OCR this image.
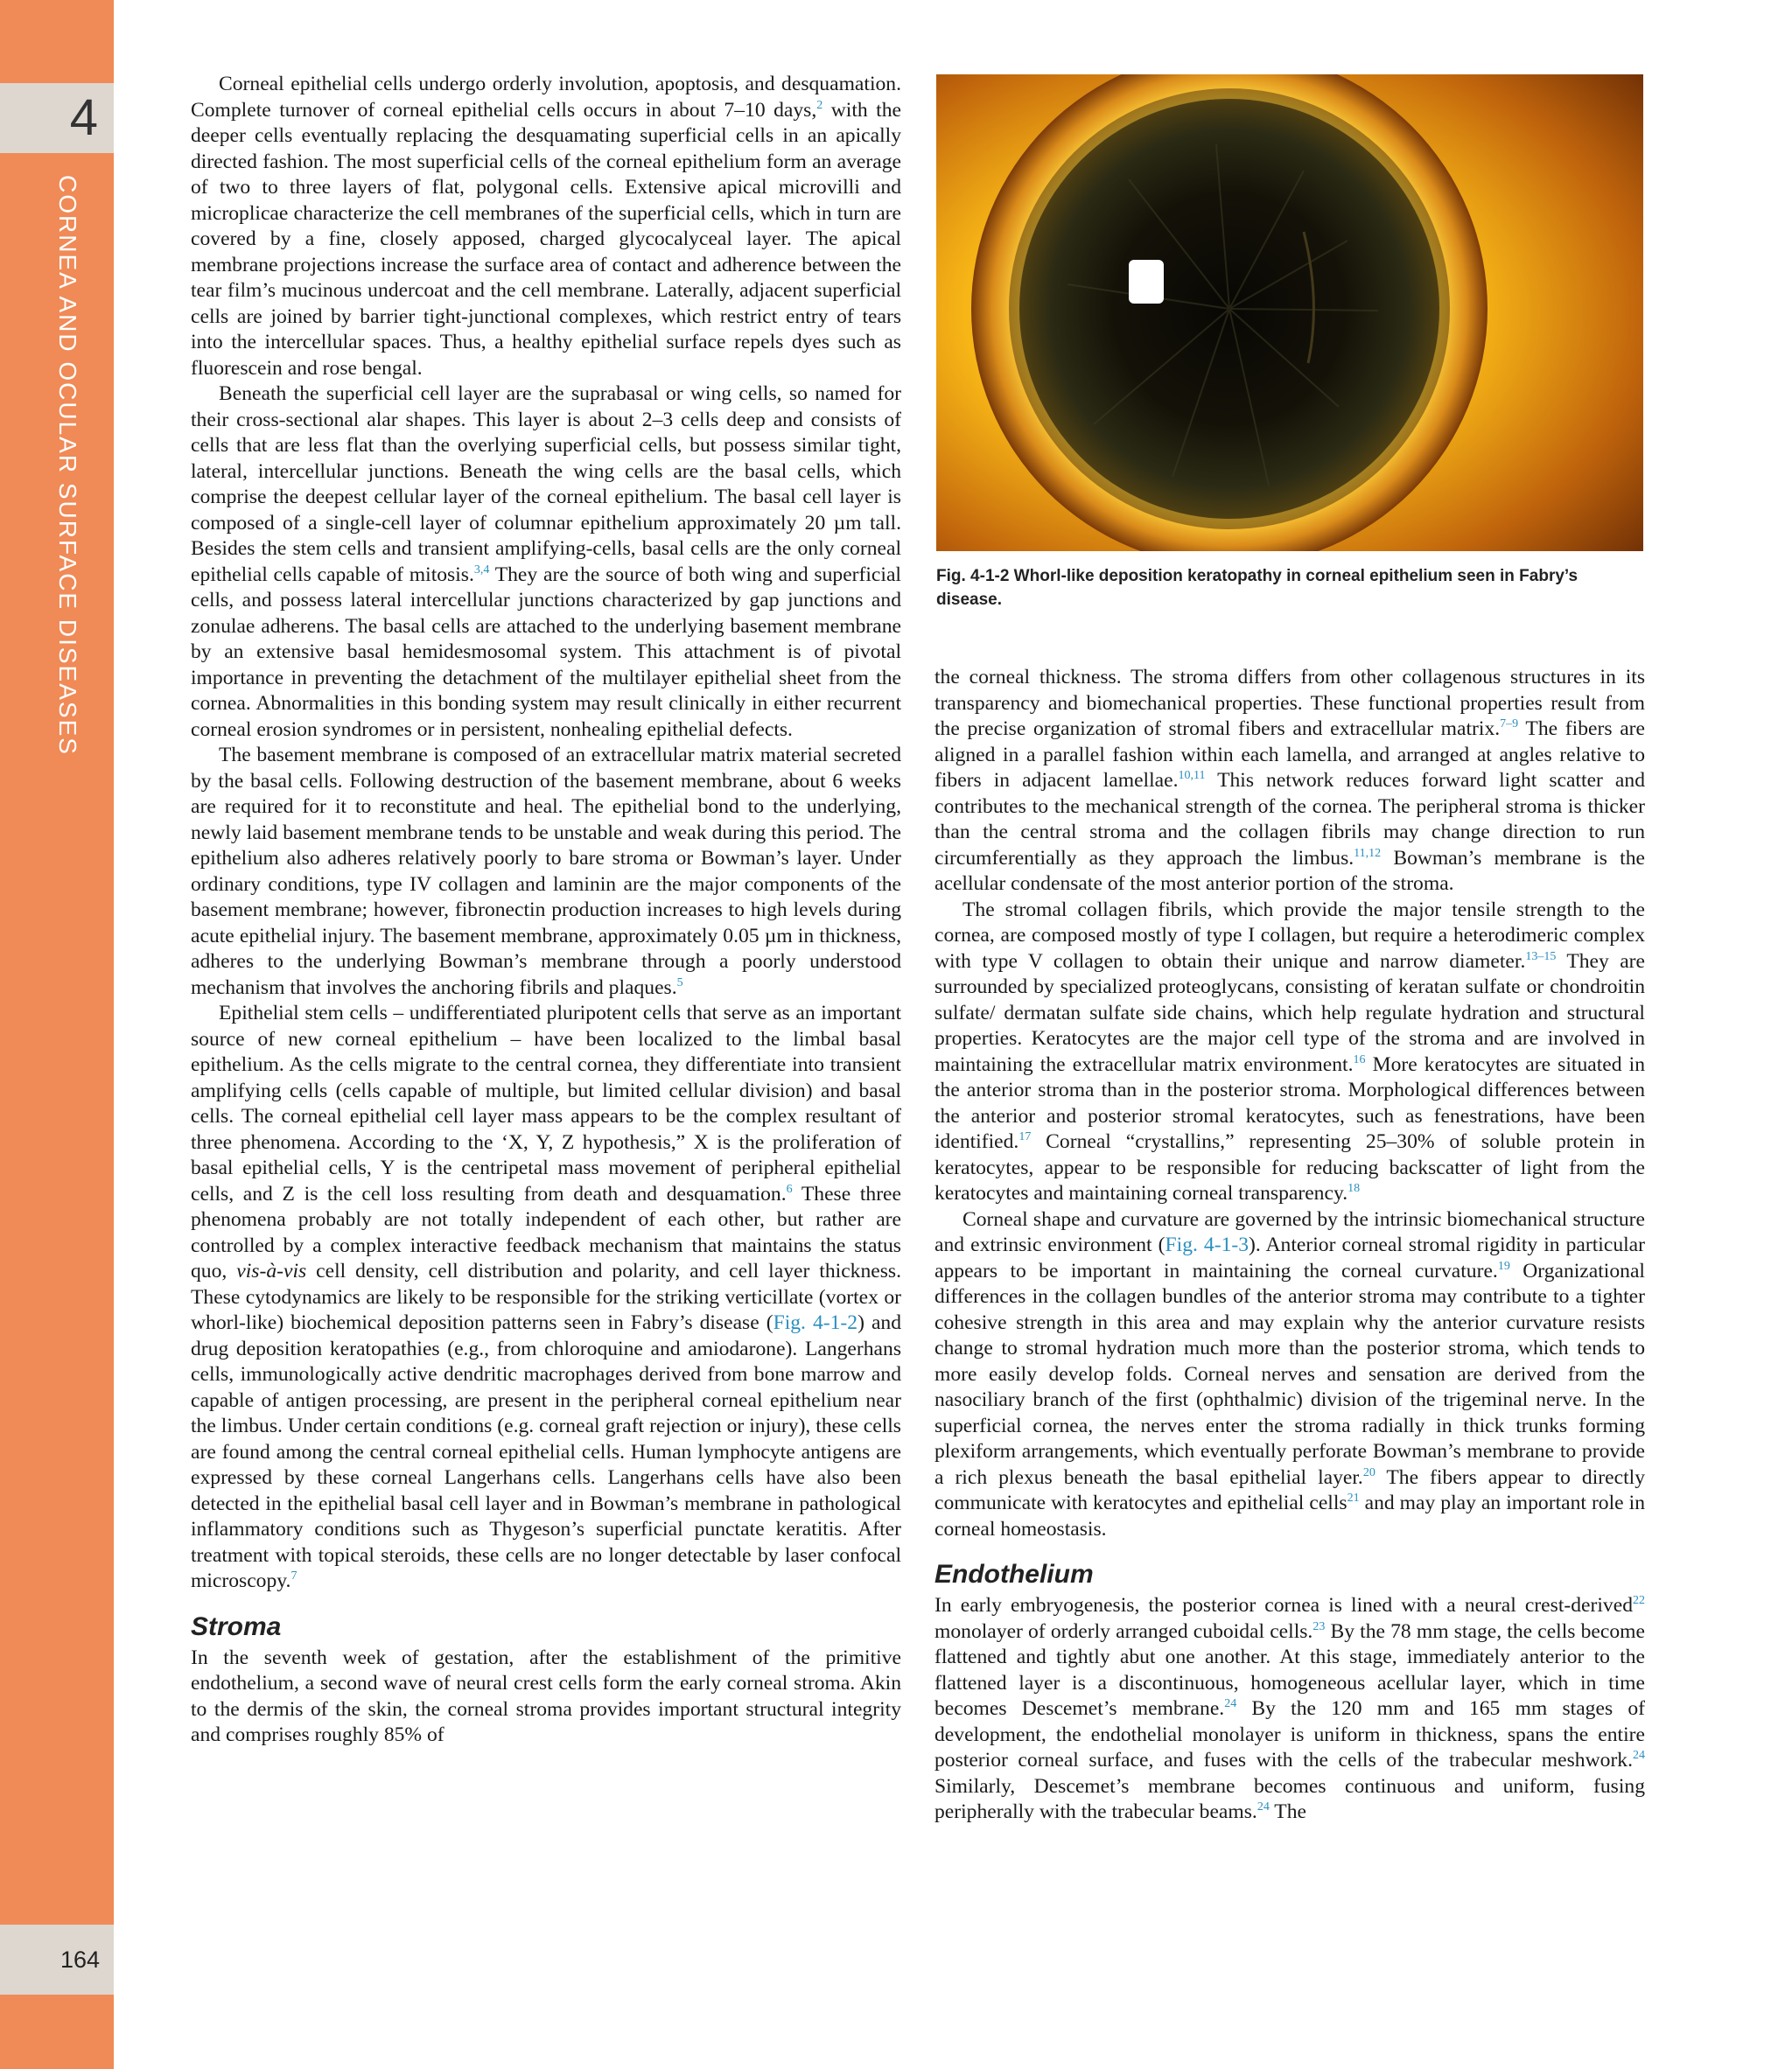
4
CORNEA AND OCULAR SURFACE DISEASES
164
Fig. 4-1-2 Whorl-like deposition keratopathy in corneal epithelium seen in Fabry’s disease.

Corneal epithelial cells undergo orderly involution, apoptosis, and desquamation. Complete turnover of corneal epithelial cells occurs in about 7–10 days,$^2$ with the deeper cells eventually replacing the desquamating superficial cells in an apically directed fashion. The most superficial cells of the corneal epithelium form an average of two to three layers of flat, polygonal cells. Extensive apical microvilli and microplicae characterize the cell membranes of the superficial cells, which in turn are covered by a fine, closely apposed, charged glycocalyceal layer. The apical membrane projections increase the surface area of contact and adherence between the tear film’s mucinous undercoat and the cell membrane. Laterally, adjacent superficial cells are joined by barrier tight-junctional complexes, which restrict entry of tears into the intercellular spaces. Thus, a healthy epithelial surface repels dyes such as fluorescein and rose bengal.

Beneath the superficial cell layer are the suprabasal or wing cells, so named for their cross-sectional alar shapes. This layer is about 2–3 cells deep and consists of cells that are less flat than the overlying superficial cells, but possess similar tight, lateral, intercellular junctions. Beneath the wing cells are the basal cells, which comprise the deepest cellular layer of the corneal epithelium. The basal cell layer is composed of a single-cell layer of columnar epithelium approximately 20 µm tall. Besides the stem cells and transient amplifying-cells, basal cells are the only corneal epithelial cells capable of mitosis.$^{3,4}$ They are the source of both wing and superficial cells, and possess lateral intercellular junctions characterized by gap junctions and zonulae adherens. The basal cells are attached to the underlying basement membrane by an extensive basal hemidesmosomal system. This attachment is of pivotal importance in preventing the detachment of the multilayer epithelial sheet from the cornea. Abnormalities in this bonding system may result clinically in either recurrent corneal erosion syndromes or in persistent, nonhealing epithelial defects.

The basement membrane is composed of an extracellular matrix material secreted by the basal cells. Following destruction of the basement membrane, about 6 weeks are required for it to reconstitute and heal. The epithelial bond to the underlying, newly laid basement membrane tends to be unstable and weak during this period. The epithelium also adheres relatively poorly to bare stroma or Bowman’s layer. Under ordinary conditions, type IV collagen and laminin are the major components of the basement membrane; however, fibronectin production increases to high levels during acute epithelial injury. The basement membrane, approximately 0.05 µm in thickness, adheres to the underlying Bowman’s membrane through a poorly understood mechanism that involves the anchoring fibrils and plaques.$^5$

Epithelial stem cells – undifferentiated pluripotent cells that serve as an important source of new corneal epithelium – have been localized to the limbal basal epithelium. As the cells migrate to the central cornea, they differentiate into transient amplifying cells (cells capable of multiple, but limited cellular division) and basal cells. The corneal epithelial cell layer mass appears to be the complex resultant of three phenomena. According to the ‘X, Y, Z hypothesis,” X is the proliferation of basal epithelial cells, Y is the centripetal mass movement of peripheral epithelial cells, and Z is the cell loss resulting from death and desquamation.$^6$ These three phenomena probably are not totally independent of each other, but rather are controlled by a complex interactive feedback mechanism that maintains the status quo, vis-à-vis cell density, cell distribution and polarity, and cell layer thickness. These cytodynamics are likely to be responsible for the striking verticillate (vortex or whorl-like) biochemical deposition patterns seen in Fabry’s disease (Fig. 4-1-2) and drug deposition keratopathies (e.g., from chloroquine and amiodarone). Langerhans cells, immunologically active dendritic macrophages derived from bone marrow and capable of antigen processing, are present in the peripheral corneal epithelium near the limbus. Under certain conditions (e.g. corneal graft rejection or injury), these cells are found among the central corneal epithelial cells. Human lymphocyte antigens are expressed by these corneal Langerhans cells. Langerhans cells have also been detected in the epithelial basal cell layer and in Bowman’s membrane in pathological inflammatory conditions such as Thygeson’s superficial punctate keratitis. After treatment with topical steroids, these cells are no longer detectable by laser confocal microscopy.$^7$

Stroma

In the seventh week of gestation, after the establishment of the primitive endothelium, a second wave of neural crest cells form the early corneal stroma. Akin to the dermis of the skin, the corneal stroma provides important structural integrity and comprises roughly 85% of

the corneal thickness. The stroma differs from other collagenous structures in its transparency and biomechanical properties. These functional properties result from the precise organization of stromal fibers and extracellular matrix.$^{7-9}$ The fibers are aligned in a parallel fashion within each lamella, and arranged at angles relative to fibers in adjacent lamellae.$^{10,11}$ This network reduces forward light scatter and contributes to the mechanical strength of the cornea. The peripheral stroma is thicker than the central stroma and the collagen fibrils may change direction to run circumferentially as they approach the limbus.$^{11,12}$ Bowman’s membrane is the acellular condensate of the most anterior portion of the stroma.

The stromal collagen fibrils, which provide the major tensile strength to the cornea, are composed mostly of type I collagen, but require a heterodimeric complex with type V collagen to obtain their unique and narrow diameter.$^{13-15}$ They are surrounded by specialized proteoglycans, consisting of keratan sulfate or chondroitin sulfate/ dermatan sulfate side chains, which help regulate hydration and structural properties. Keratocytes are the major cell type of the stroma and are involved in maintaining the extracellular matrix environment.$^{16}$ More keratocytes are situated in the anterior stroma than in the posterior stroma. Morphological differences between the anterior and posterior stromal keratocytes, such as fenestrations, have been identified.$^{17}$ Corneal “crystallins,” representing 25–30% of soluble protein in keratocytes, appear to be responsible for reducing backscatter of light from the keratocytes and maintaining corneal transparency.$^{18}$

Corneal shape and curvature are governed by the intrinsic biomechanical structure and extrinsic environment (Fig. 4-1-3). Anterior corneal stromal rigidity in particular appears to be important in maintaining the corneal curvature.$^{19}$ Organizational differences in the collagen bundles of the anterior stroma may contribute to a tighter cohesive strength in this area and may explain why the anterior curvature resists change to stromal hydration much more than the posterior stroma, which tends to more easily develop folds. Corneal nerves and sensation are derived from the nasociliary branch of the first (ophthalmic) division of the trigeminal nerve. In the superficial cornea, the nerves enter the stroma radially in thick trunks forming plexiform arrangements, which eventually perforate Bowman’s membrane to provide a rich plexus beneath the basal epithelial layer.$^{20}$ The fibers appear to directly communicate with keratocytes and epithelial cells$^{21}$ and may play an important role in corneal homeostasis.

Endothelium

In early embryogenesis, the posterior cornea is lined with a neural crest-derived$^{22}$ monolayer of orderly arranged cuboidal cells.$^{23}$ By the 78 mm stage, the cells become flattened and tightly abut one another. At this stage, immediately anterior to the flattened layer is a discontinuous, homogeneous acellular layer, which in time becomes Descemet’s membrane.$^{24}$ By the 120 mm and 165 mm stages of development, the endothelial monolayer is uniform in thickness, spans the entire posterior corneal surface, and fuses with the cells of the trabecular meshwork.$^{24}$ Similarly, Descemet’s membrane becomes continuous and uniform, fusing peripherally with the trabecular beams.$^{24}$ The
